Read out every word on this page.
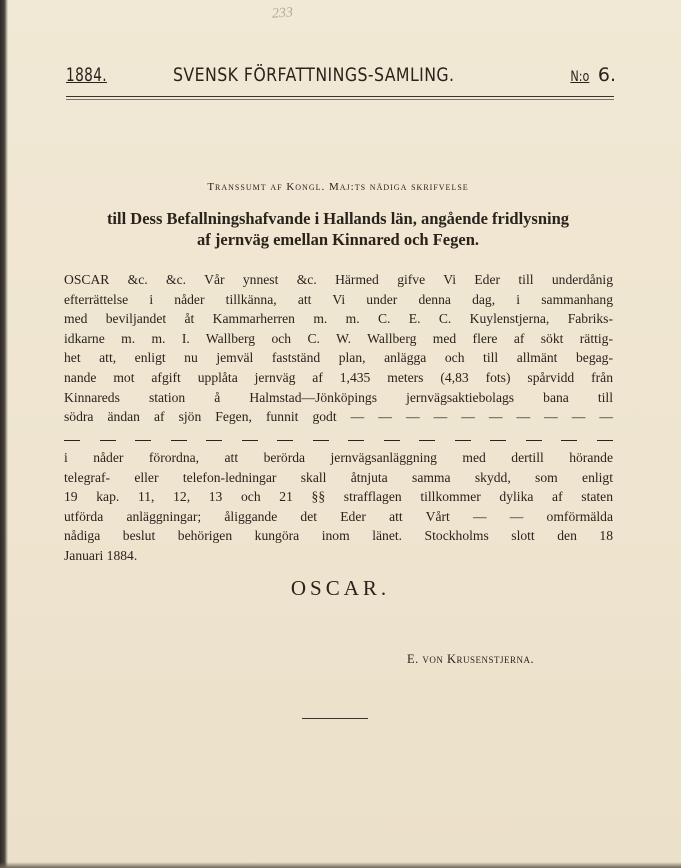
233
1884.	SVENSK FÖRFATTNINGS-SAMLING.	N:o 6.
Transsumt af Kongl. Maj:ts nådiga skrifvelse
till Dess Befallningshafvande i Hallands län, angående fridlysning
af jernväg emellan Kinnared och Fegen.
OSCAR &c. &c. Vår ynnest &c. Härmed gifve Vi Eder till underdånig
efterrättelse i nåder tillkänna, att Vi under denna dag, i sammanhang
med beviljandet åt Kammarherren m. m. C. E. C. Kuylenstjerna, Fabriks-
idkarne m. m. I. Wallberg och C. W. Wallberg med flere af sökt rättig-
het att, enligt nu jemväl fastständ plan, anlägga och till allmänt begag-
nande mot afgift upplåta jernväg af 1,435 meters (4,83 fots) spårvidd från
Kinnareds station å Halmstad—Jönköpings jernvägsaktiebolags bana till
södra ändan af sjön Fegen, funnit godt — — — — — — — — — —
i nåder förordna, att berörda jernvägsanläggning med dertill hörande
telegraf- eller telefon-ledningar skall åtnjuta samma skydd, som enligt
19 kap. 11, 12, 13 och 21 §§ strafflagen tillkommer dylika af staten
utförda anläggningar; åliggande det Eder att Vårt — — omförmälda
nådiga beslut behörigen kungöra inom länet. Stockholms slott den 18
Januari 1884.
OSCAR.
E. von Krusenstjerna.
